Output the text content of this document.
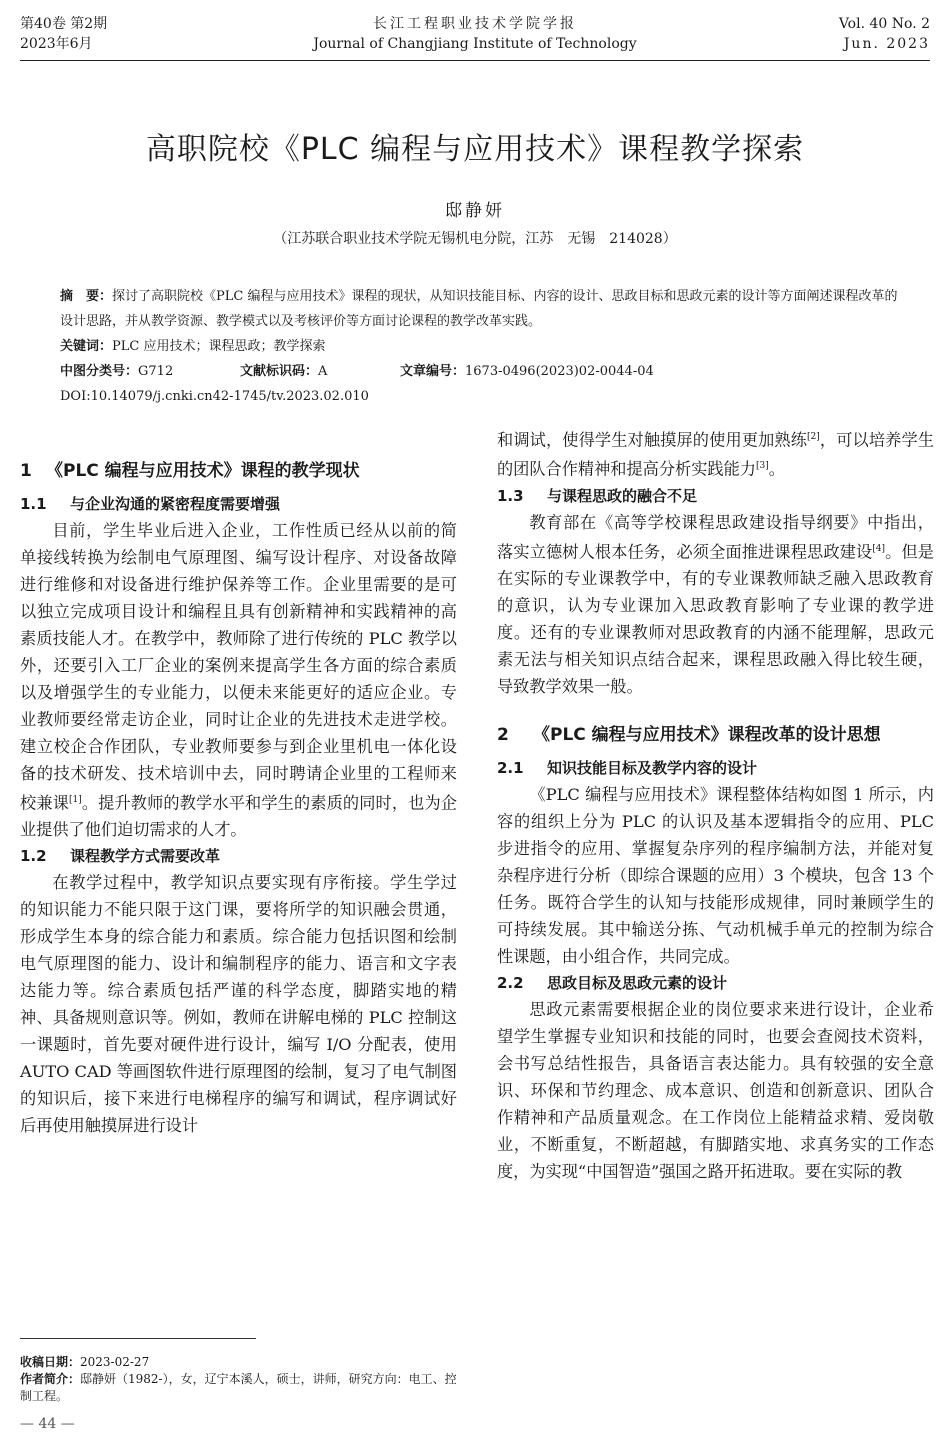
第40卷 第2期
2023年6月
长江工程职业技术学院学报
Journal of Changjiang Institute of Technology
Vol. 40 No. 2
Jun. 2023
高职院校《PLC 编程与应用技术》课程教学探索
邸静妍
（江苏联合职业技术学院无锡机电分院，江苏　无锡　214028）

摘　要：探讨了高职院校《PLC 编程与应用技术》课程的现状，从知识技能目标、内容的设计、思政目标和思政元素的设计等方面阐述课程改革的设计思路，并从教学资源、教学模式以及考核评价等方面讨论课程的教学改革实践。

关键词：PLC 应用技术；课程思政；教学探索

中图分类号：G712	文献标识码：A	文章编号：1673-0496(2023)02-0044-04

DOI:10.14079/j.cnki.cn42-1745/tv.2023.02.010

1 《PLC 编程与应用技术》课程的教学现状
1.1	与企业沟通的紧密程度需要增强

目前，学生毕业后进入企业，工作性质已经从以前的简单接线转换为绘制电气原理图、编写设计程序、对设备故障进行维修和对设备进行维护保养等工作。企业里需要的是可以独立完成项目设计和编程且具有创新精神和实践精神的高素质技能人才。在教学中，教师除了进行传统的 PLC 教学以外，还要引入工厂企业的案例来提高学生各方面的综合素质以及增强学生的专业能力，以便未来能更好的适应企业。专业教师要经常走访企业，同时让企业的先进技术走进学校。建立校企合作团队，专业教师要参与到企业里机电一体化设备的技术研发、技术培训中去，同时聘请企业里的工程师来校兼课[1]。提升教师的教学水平和学生的素质的同时，也为企业提供了他们迫切需求的人才。

1.2	课程教学方式需要改革

在教学过程中，教学知识点要实现有序衔接。学生学过的知识能力不能只限于这门课，要将所学的知识融会贯通，形成学生本身的综合能力和素质。综合能力包括识图和绘制电气原理图的能力、设计和编制程序的能力、语言和文字表达能力等。综合素质包括严谨的科学态度，脚踏实地的精神、具备规则意识等。例如，教师在讲解电梯的 PLC 控制这一课题时，首先要对硬件进行设计，编写 I/O 分配表，使用 AUTO CAD 等画图软件进行原理图的绘制，复习了电气制图的知识后，接下来进行电梯程序的编写和调试，程序调试好后再使用触摸屏进行设计

和调试，使得学生对触摸屏的使用更加熟练[2]，可以培养学生的团队合作精神和提高分析实践能力[3]。

1.3	与课程思政的融合不足

教育部在《高等学校课程思政建设指导纲要》中指出，落实立德树人根本任务，必须全面推进课程思政建设[4]。但是在实际的专业课教学中，有的专业课教师缺乏融入思政教育的意识，认为专业课加入思政教育影响了专业课的教学进度。还有的专业课教师对思政教育的内涵不能理解，思政元素无法与相关知识点结合起来，课程思政融入得比较生硬，导致教学效果一般。

2	《PLC 编程与应用技术》课程改革的设计思想
2.1	知识技能目标及教学内容的设计

《PLC 编程与应用技术》课程整体结构如图 1 所示，内容的组织上分为 PLC 的认识及基本逻辑指令的应用、PLC 步进指令的应用、掌握复杂序列的程序编制方法，并能对复杂程序进行分析（即综合课题的应用）3 个模块，包含 13 个任务。既符合学生的认知与技能形成规律，同时兼顾学生的可持续发展。其中输送分拣、气动机械手单元的控制为综合性课题，由小组合作，共同完成。

2.2	思政目标及思政元素的设计

思政元素需要根据企业的岗位要求来进行设计，企业希望学生掌握专业知识和技能的同时，也要会查阅技术资料，会书写总结性报告，具备语言表达能力。具有较强的安全意识、环保和节约理念、成本意识、创造和创新意识、团队合作精神和产品质量观念。在工作岗位上能精益求精、爱岗敬业，不断重复，不断超越，有脚踏实地、求真务实的工作态度，为实现“中国智造”强国之路开拓进取。要在实际的教

收稿日期：2023-02-27

作者简介：邸静妍（1982-），女，辽宁本溪人，硕士，讲师，研究方向：电工、控制工程。

— 44 —
